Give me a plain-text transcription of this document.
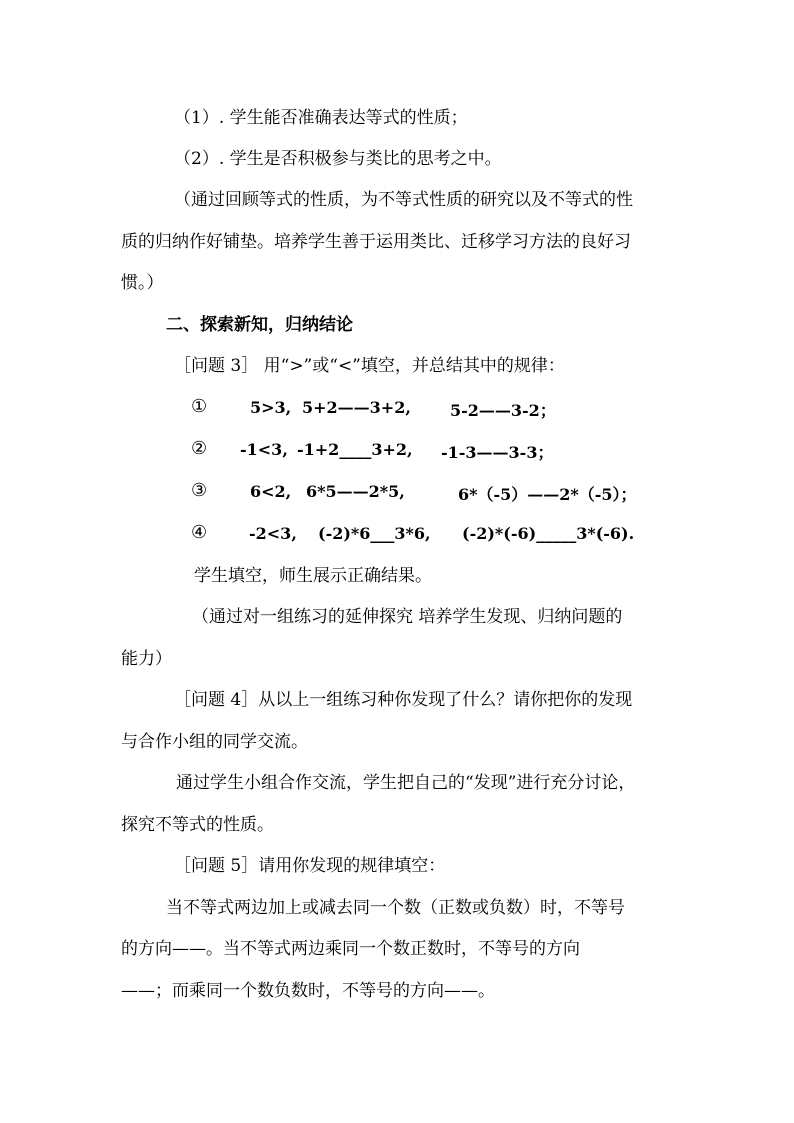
（1）. 学生能否准确表达等式的性质；
（2）. 学生是否积极参与类比的思考之中。
（通过回顾等式的性质，为不等式性质的研究以及不等式的性
质的归纳作好铺垫。培养学生善于运用类比、迁移学习方法的良好习
惯。）
二、探索新知，归纳结论
［问题 3］ 用“>”或“<”填空，并总结其中的规律：
①	5>3, 5+2——3+2, 5-2——3-2；
② -1<3, -1+2____3+2, -1-3——3-3；
③	6<2, 6*5——2*5,	6*（-5）——2*（-5）；
④	-2<3, (-2)*6___3*6, (-2)*(-6)_____3*(-6).
学生填空，师生展示正确结果。
（通过对一组练习的延伸探究 培养学生发现、归纳问题的
能力）
［问题 4］从以上一组练习种你发现了什么？请你把你的发现
与合作小组的同学交流。
通过学生小组合作交流，学生把自己的“发现”进行充分讨论，
探究不等式的性质。
［问题 5］请用你发现的规律填空：
当不等式两边加上或减去同一个数（正数或负数）时，不等号
的方向——。当不等式两边乘同一个数正数时，不等号的方向
——；而乘同一个数负数时，不等号的方向——。
